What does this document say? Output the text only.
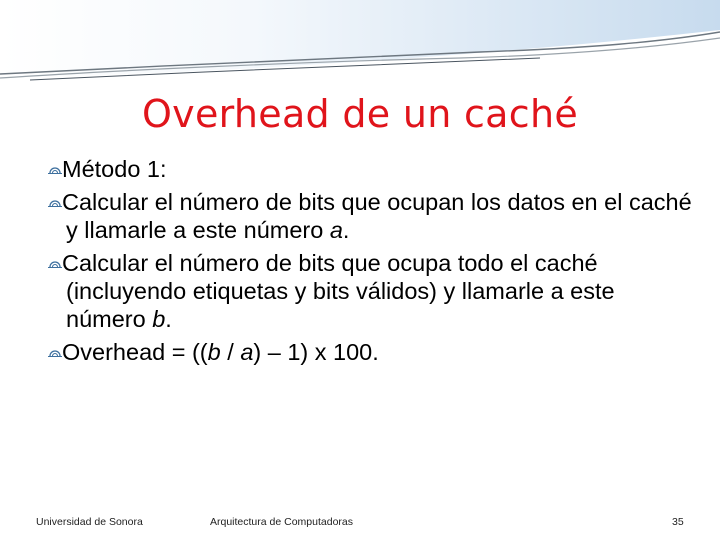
Overhead de un caché
Método 1:
Calcular el número de bits que ocupan los datos en el caché y llamarle a este número a.
Calcular el número de bits que ocupa todo el caché (incluyendo etiquetas y bits válidos) y llamarle a este número b.
Overhead = ((b / a) – 1) x 100.
Universidad de Sonora	Arquitectura de Computadoras	35
